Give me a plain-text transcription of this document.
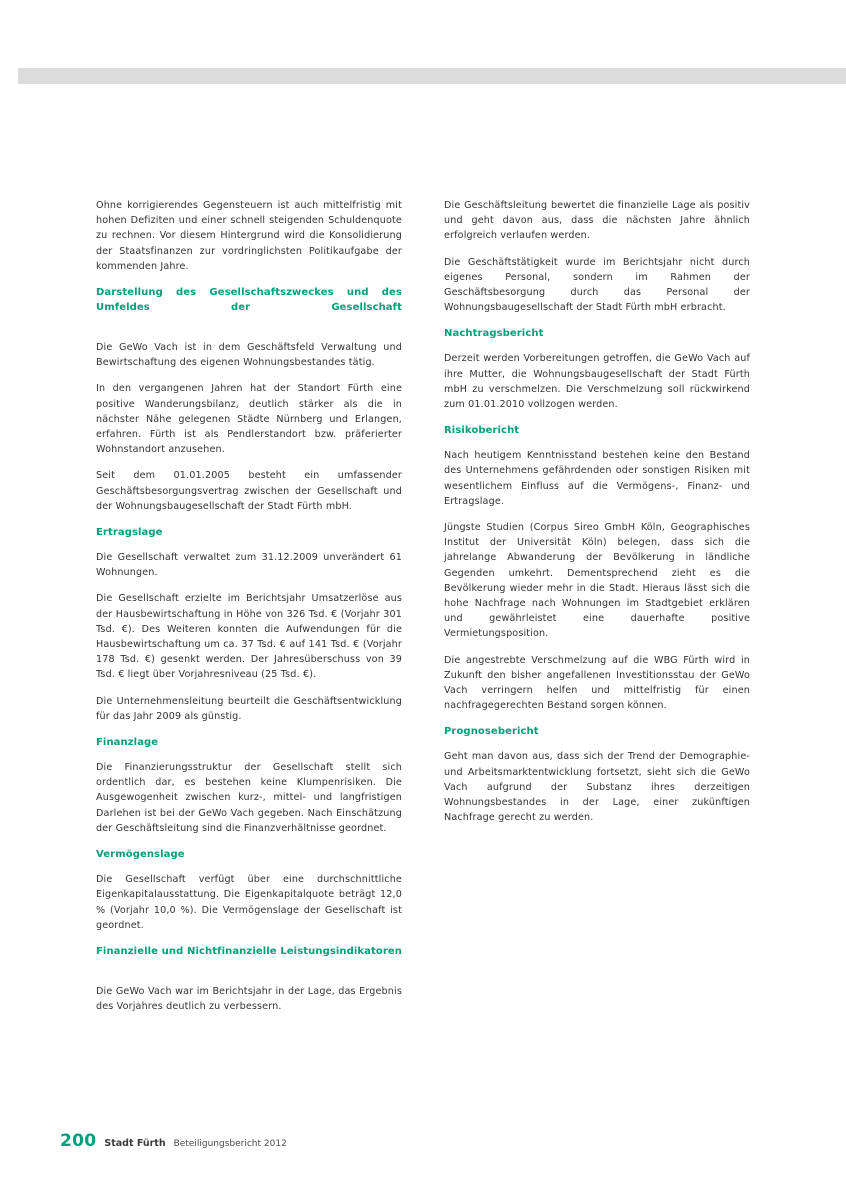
Ohne korrigierendes Gegensteuern ist auch mittelfristig mit hohen Defiziten und einer schnell steigenden Schuldenquote zu rechnen. Vor diesem Hintergrund wird die Konsolidierung der Staatsfinanzen zur vordringlichsten Politikaufgabe der kommenden Jahre.

Darstellung des Gesellschaftszweckes und des Umfeldes der Gesellschaft

Die GeWo Vach ist in dem Geschäftsfeld Verwaltung und Bewirtschaftung des eigenen Wohnungsbestandes tätig.

In den vergangenen Jahren hat der Standort Fürth eine positive Wanderungsbilanz, deutlich stärker als die in nächster Nähe gelegenen Städte Nürnberg und Erlangen, erfahren. Fürth ist als Pendlerstandort bzw. präferierter Wohnstandort anzusehen.

Seit dem 01.01.2005 besteht ein umfassender Geschäftsbesorgungsvertrag zwischen der Gesellschaft und der Wohnungsbaugesellschaft der Stadt Fürth mbH.

Ertragslage

Die Gesellschaft verwaltet zum 31.12.2009 unverändert 61 Wohnungen.

Die Gesellschaft erzielte im Berichtsjahr Umsatzerlöse aus der Hausbewirtschaftung in Höhe von 326 Tsd. € (Vorjahr 301 Tsd. €). Des Weiteren konnten die Aufwendungen für die Hausbewirtschaftung um ca. 37 Tsd. € auf 141 Tsd. € (Vorjahr 178 Tsd. €) gesenkt werden. Der Jahresüberschuss von 39 Tsd. € liegt über Vorjahresniveau (25 Tsd. €).

Die Unternehmensleitung beurteilt die Geschäftsentwicklung für das Jahr 2009 als günstig.

Finanzlage

Die Finanzierungsstruktur der Gesellschaft stellt sich ordentlich dar, es bestehen keine Klumpenrisiken. Die Ausgewogenheit zwischen kurz-, mittel- und langfristigen Darlehen ist bei der GeWo Vach gegeben. Nach Einschätzung der Geschäftsleitung sind die Finanzverhältnisse geordnet.

Vermögenslage

Die Gesellschaft verfügt über eine durchschnittliche Eigenkapitalausstattung. Die Eigenkapitalquote beträgt 12,0 % (Vorjahr 10,0 %). Die Vermögenslage der Gesellschaft ist geordnet.

Finanzielle und Nichtfinanzielle Leistungsindikatoren

Die GeWo Vach war im Berichtsjahr in der Lage, das Ergebnis des Vorjahres deutlich zu verbessern.

Die Geschäftsleitung bewertet die finanzielle Lage als positiv und geht davon aus, dass die nächsten Jahre ähnlich erfolgreich verlaufen werden.

Die Geschäftstätigkeit wurde im Berichtsjahr nicht durch eigenes Personal, sondern im Rahmen der Geschäftsbesorgung durch das Personal der Wohnungsbaugesellschaft der Stadt Fürth mbH erbracht.

Nachtragsbericht

Derzeit werden Vorbereitungen getroffen, die GeWo Vach auf ihre Mutter, die Wohnungsbaugesellschaft der Stadt Fürth mbH zu verschmelzen. Die Verschmelzung soll rückwirkend zum 01.01.2010 vollzogen werden.

Risikobericht

Nach heutigem Kenntnisstand bestehen keine den Bestand des Unternehmens gefährdenden oder sonstigen Risiken mit wesentlichem Einfluss auf die Vermögens-, Finanz- und Ertragslage.

Jüngste Studien (Corpus Sireo GmbH Köln, Geographisches Institut der Universität Köln) belegen, dass sich die jahrelange Abwanderung der Bevölkerung in ländliche Gegenden umkehrt. Dementsprechend zieht es die Bevölkerung wieder mehr in die Stadt. Hieraus lässt sich die hohe Nachfrage nach Wohnungen im Stadtgebiet erklären und gewährleistet eine dauerhafte positive Vermietungsposition.

Die angestrebte Verschmelzung auf die WBG Fürth wird in Zukunft den bisher angefallenen Investitionsstau der GeWo Vach verringern helfen und mittelfristig für einen nachfragegerechten Bestand sorgen können.

Prognosebericht

Geht man davon aus, dass sich der Trend der Demographie- und Arbeitsmarktentwicklung fortsetzt, sieht sich die GeWo Vach aufgrund der Substanz ihres derzeitigen Wohnungsbestandes in der Lage, einer zukünftigen Nachfrage gerecht zu werden.

200 Stadt Fürth Beteiligungsbericht 2012
